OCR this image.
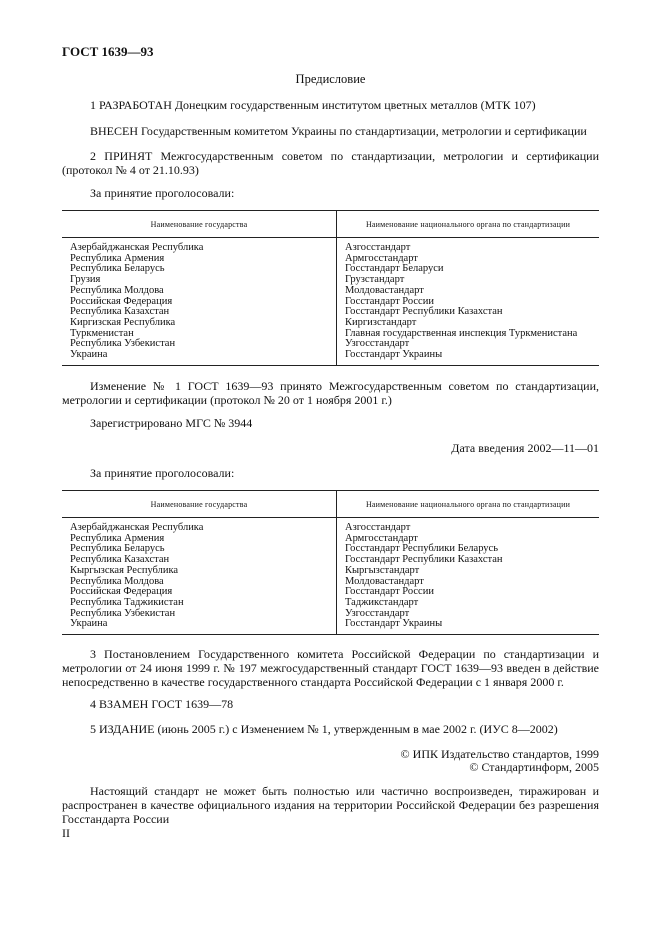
ГОСТ 1639—93
Предисловие
1 РАЗРАБОТАН Донецким государственным институтом цветных металлов (МТК 107)
ВНЕСЕН Государственным комитетом Украины по стандартизации, метрологии и сертификации
2 ПРИНЯТ Межгосударственным советом по стандартизации, метрологии и сертификации (протокол № 4 от 21.10.93)
За принятие проголосовали:
Наименование государства	Наименование национального органа по стандартизации
Азербайджанская Республика	Азгосстандарт
Республика Армения	Армгосстандарт
Республика Беларусь	Госстандарт Беларуси
Грузия	Грузстандарт
Республика Молдова	Молдовастандарт
Российская Федерация	Госстандарт России
Республика Казахстан	Госстандарт Республики Казахстан
Киргизская Республика	Киргизстандарт
Туркменистан	Главная государственная инспекция Туркменистана
Республика Узбекистан	Узгосстандарт
Украина	Госстандарт Украины
Изменение № 1 ГОСТ 1639—93 принято Межгосударственным советом по стандартизации, метрологии и сертификации (протокол № 20 от 1 ноября 2001 г.)
Зарегистрировано МГС № 3944
Дата введения 2002—11—01
За принятие проголосовали:
Наименование государства	Наименование национального органа по стандартизации
Азербайджанская Республика	Азгосстандарт
Республика Армения	Армгосстандарт
Республика Беларусь	Госстандарт Республики Беларусь
Республика Казахстан	Госстандарт Республики Казахстан
Кыргызская Республика	Кыргызстандарт
Республика Молдова	Молдовастандарт
Российская Федерация	Госстандарт России
Республика Таджикистан	Таджикстандарт
Республика Узбекистан	Узгосстандарт
Украина	Госстандарт Украины
3 Постановлением Государственного комитета Российской Федерации по стандартизации и метрологии от 24 июня 1999 г. № 197 межгосударственный стандарт ГОСТ 1639—93 введен в действие непосредственно в качестве государственного стандарта Российской Федерации с 1 января 2000 г.
4 ВЗАМЕН ГОСТ 1639—78
5 ИЗДАНИЕ (июнь 2005 г.) с Изменением № 1, утвержденным в мае 2002 г. (ИУС 8—2002)
© ИПК Издательство стандартов, 1999
© Стандартинформ, 2005
Настоящий стандарт не может быть полностью или частично воспроизведен, тиражирован и распространен в качестве официального издания на территории Российской Федерации без разрешения Госстандарта России
II
